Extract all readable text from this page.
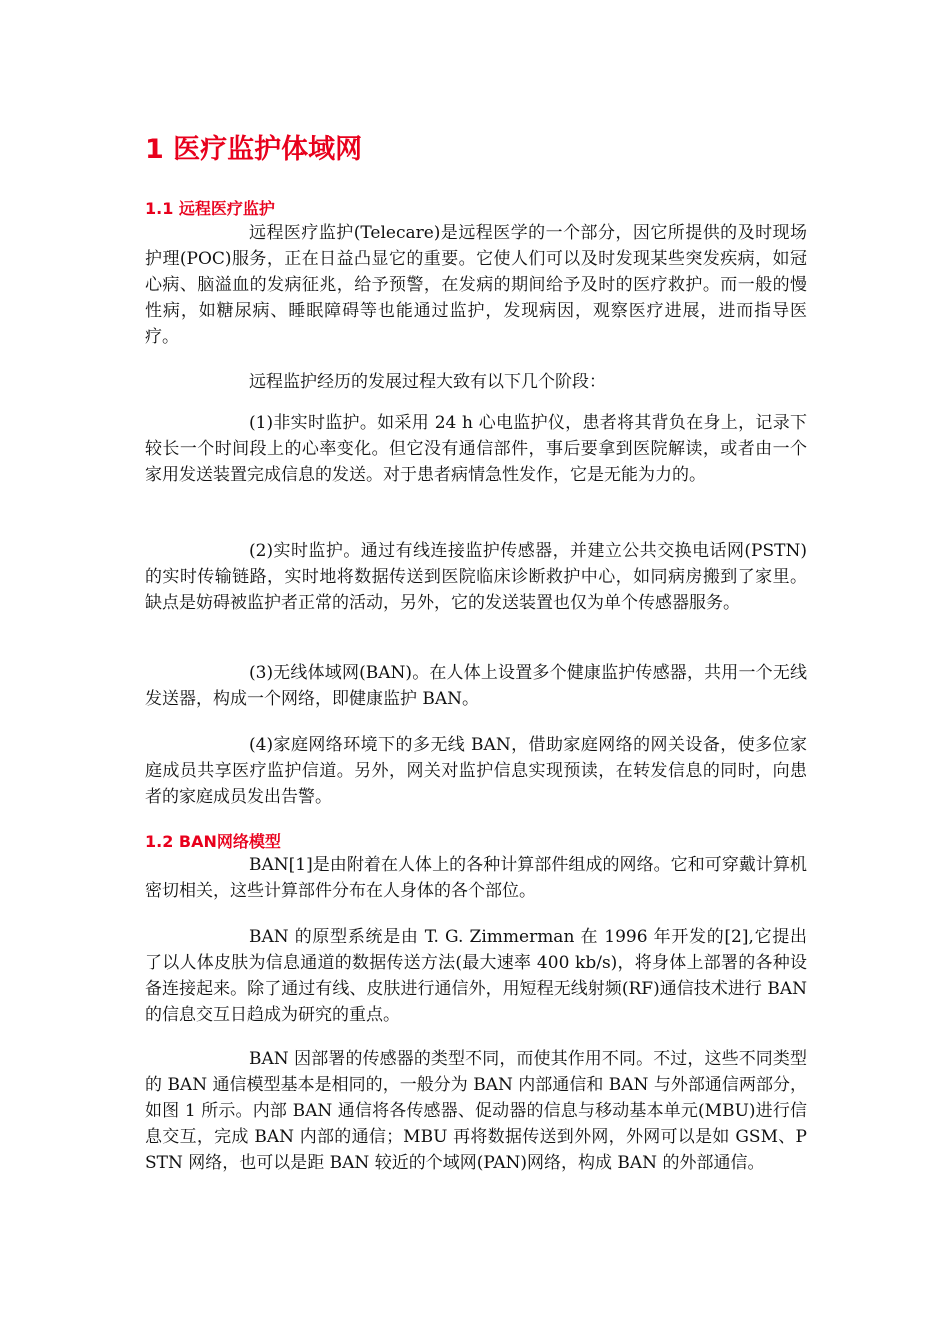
1 医疗监护体域网
1.1 远程医疗监护

远程医疗监护(Telecare)是远程医学的一个部分，因它所提供的及时现场护理(POC)服务，正在日益凸显它的重要。它使人们可以及时发现某些突发疾病，如冠心病、脑溢血的发病征兆，给予预警，在发病的期间给予及时的医疗救护。而一般的慢性病，如糖尿病、睡眠障碍等也能通过监护，发现病因，观察医疗进展，进而指导医疗。

远程监护经历的发展过程大致有以下几个阶段：

(1)非实时监护。如采用 24 h 心电监护仪，患者将其背负在身上，记录下较长一个时间段上的心率变化。但它没有通信部件，事后要拿到医院解读，或者由一个家用发送装置完成信息的发送。对于患者病情急性发作，它是无能为力的。

(2)实时监护。通过有线连接监护传感器，并建立公共交换电话网(PSTN)的实时传输链路，实时地将数据传送到医院临床诊断救护中心，如同病房搬到了家里。缺点是妨碍被监护者正常的活动，另外，它的发送装置也仅为单个传感器服务。

(3)无线体域网(BAN)。在人体上设置多个健康监护传感器，共用一个无线发送器，构成一个网络，即健康监护 BAN。

(4)家庭网络环境下的多无线 BAN，借助家庭网络的网关设备，使多位家庭成员共享医疗监护信道。另外，网关对监护信息实现预读，在转发信息的同时，向患者的家庭成员发出告警。

1.2 BAN网络模型

BAN[1]是由附着在人体上的各种计算部件组成的网络。它和可穿戴计算机密切相关，这些计算部件分布在人身体的各个部位。

BAN 的原型系统是由 T. G. Zimmerman 在 1996 年开发的[2],它提出了以人体皮肤为信息通道的数据传送方法(最大速率 400 kb/s)，将身体上部署的各种设备连接起来。除了通过有线、皮肤进行通信外，用短程无线射频(RF)通信技术进行 BAN 的信息交互日趋成为研究的重点。

BAN 因部署的传感器的类型不同，而使其作用不同。不过，这些不同类型的 BAN 通信模型基本是相同的，一般分为 BAN 内部通信和 BAN 与外部通信两部分，如图 1 所示。内部 BAN 通信将各传感器、促动器的信息与移动基本单元(MBU)进行信息交互，完成 BAN 内部的通信；MBU 再将数据传送到外网，外网可以是如 GSM、PSTN 网络，也可以是距 BAN 较近的个域网(PAN)网络，构成 BAN 的外部通信。
